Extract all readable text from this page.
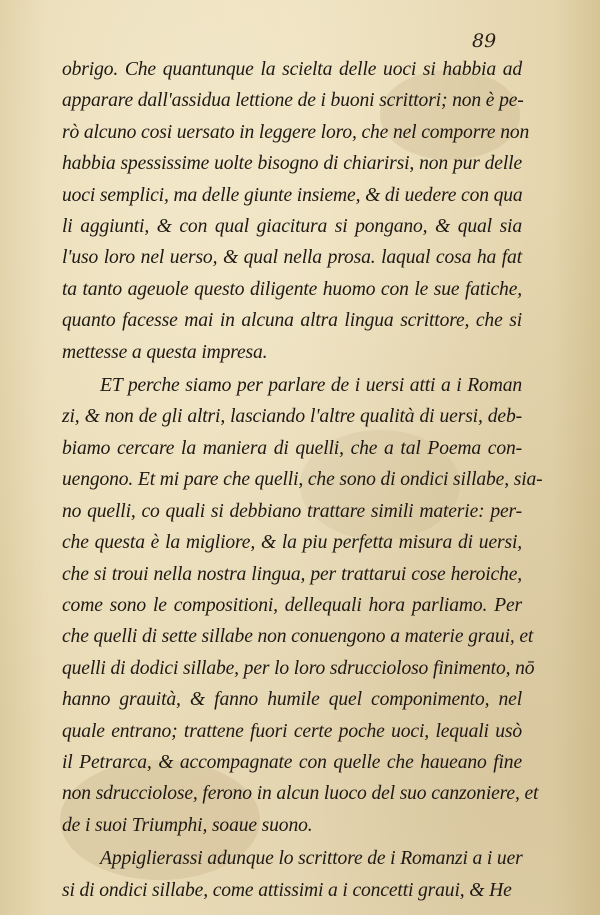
89
obrigo. Che quantunque la scielta delle uoci si habbia ad
apparare dall'assidua lettione de i buoni scrittori; non è pe-
rò alcuno cosi uersato in leggere loro, che nel comporre non
habbia spessissime uolte bisogno di chiarirsi, non pur delle
uoci semplici, ma delle giunte insieme, & di uedere con qua
li aggiunti, & con qual giacitura si pongano, & qual sia
l'uso loro nel uerso, & qual nella prosa. laqual cosa ha fat
ta tanto ageuole questo diligente huomo con le sue fatiche,
quanto facesse mai in alcuna altra lingua scrittore, che si
mettesse a questa impresa.
ET perche siamo per parlare de i uersi atti a i Roman
zi, & non de gli altri, lasciando l'altre qualità di uersi, deb-
biamo cercare la maniera di quelli, che a tal Poema con-
uengono. Et mi pare che quelli, che sono di ondici sillabe, sia-
no quelli, co quali si debbiano trattare simili materie: per-
che questa è la migliore, & la piu perfetta misura di uersi,
che si troui nella nostra lingua, per trattarui cose heroiche,
come sono le compositioni, dellequali hora parliamo. Per
che quelli di sette sillabe non conuengono a materie graui, et
quelli di dodici sillabe, per lo loro sdruccioloso finimento, nō
hanno grauità, & fanno humile quel componimento, nel
quale entrano; trattene fuori certe poche uoci, lequali usò
il Petrarca, & accompagnate con quelle che haueano fine
non sdrucciolose, ferono in alcun luoco del suo canzoniere, et
de i suoi Triumphi, soaue suono.
Appiglierassi adunque lo scrittore de i Romanzi a i uer
si di ondici sillabe, come attissimi a i concetti graui, & He
